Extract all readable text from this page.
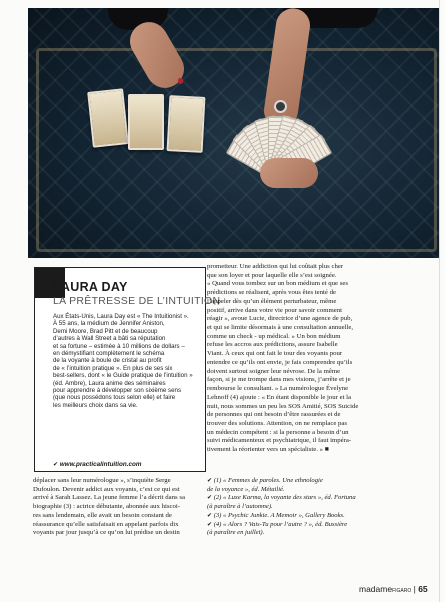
LAURA DAY
LA PRÊTRESSE DE L’INTUITION
Aux États-Unis, Laura Day est « The Intuitionist ».
À 55 ans, la médium de Jennifer Aniston,
Demi Moore, Brad Pitt et de beaucoup
d’autres à Wall Street a bâti sa réputation
et sa fortune – estimée à 10 millions de dollars –
en démystifiant complètement le schéma
de la voyante à boule de cristal au profit
de « l’intuition pratique ». En plus de ses six
best-sellers, dont « le Guide pratique de l’intuition »
(éd. Ambre), Laura anime des séminaires
pour apprendre à développer son sixième sens
(que nous possédons tous selon elle) et faire
les meilleurs choix dans sa vie.
✔ www.practicalintuition.com
prometteur. Une addiction qui lui coûtait plus cher
que son loyer et pour laquelle elle s’est soignée.
« Quand vous tombez sur un bon médium et que ses
prédictions se réalisent, après vous êtes tenté de
l’appeler dès qu’un élément perturbateur, même
positif, arrive dans votre vie pour savoir comment
réagir », avoue Lucie, directrice d’une agence de pub,
et qui se limite désormais à une consultation annuelle,
comme un check - up médical. » Un bon médium
refuse les accros aux prédictions, assure Isabelle
Viant. À ceux qui ont fait le tour des voyants pour
entendre ce qu’ils ont envie, je fais comprendre qu’ils
doivent surtout soigner leur névrose. De la même
façon, si je me trompe dans mes visions, j’arrête et je
rembourse le consultant. » La numérologue Évelyne
Lehnoff (4) ajoute : « En étant disponible le jour et la
nuit, nous sommes un peu les SOS Amitié, SOS Suicide
de personnes qui ont besoin d’être rassurées et de
trouver des solutions. Attention, on ne remplace pas
un médecin compétent : si la personne a besoin d’un
suivi médicamenteux et psychiatrique, il faut impéra-
tivement la réorienter vers un spécialiste. » ■
déplacer sans leur numérologue », s’inquiète Serge
Dufoulon. Devenir addict aux voyants, c’est ce qui est
arrivé à Sarah Lassez. La jeune femme l’a décrit dans sa
biographie (3) : actrice débutante, abonnée aux hiscoi-
res sans lendemain, elle avait un besoin constant de
réassurance qu’elle satisfaisait en appelant parfois dix
voyants par jour jusqu’à ce qu’on lui prédise un destin
✔ (1) « Femmes de paroles. Une ethnologie
de la voyance », éd. Métailié.
✔ (2) « Luxe Karma, la voyante des stars », éd. Fortuna
(à paraître à l’automne).
✔ (3) « Psychic Junkie. A Memoir », Gallery Books.
✔ (4) « Alors ? Vais-Tu pour l’autre ? », éd. Bussière
(à paraître en juillet).
madameFIGARO | 65
